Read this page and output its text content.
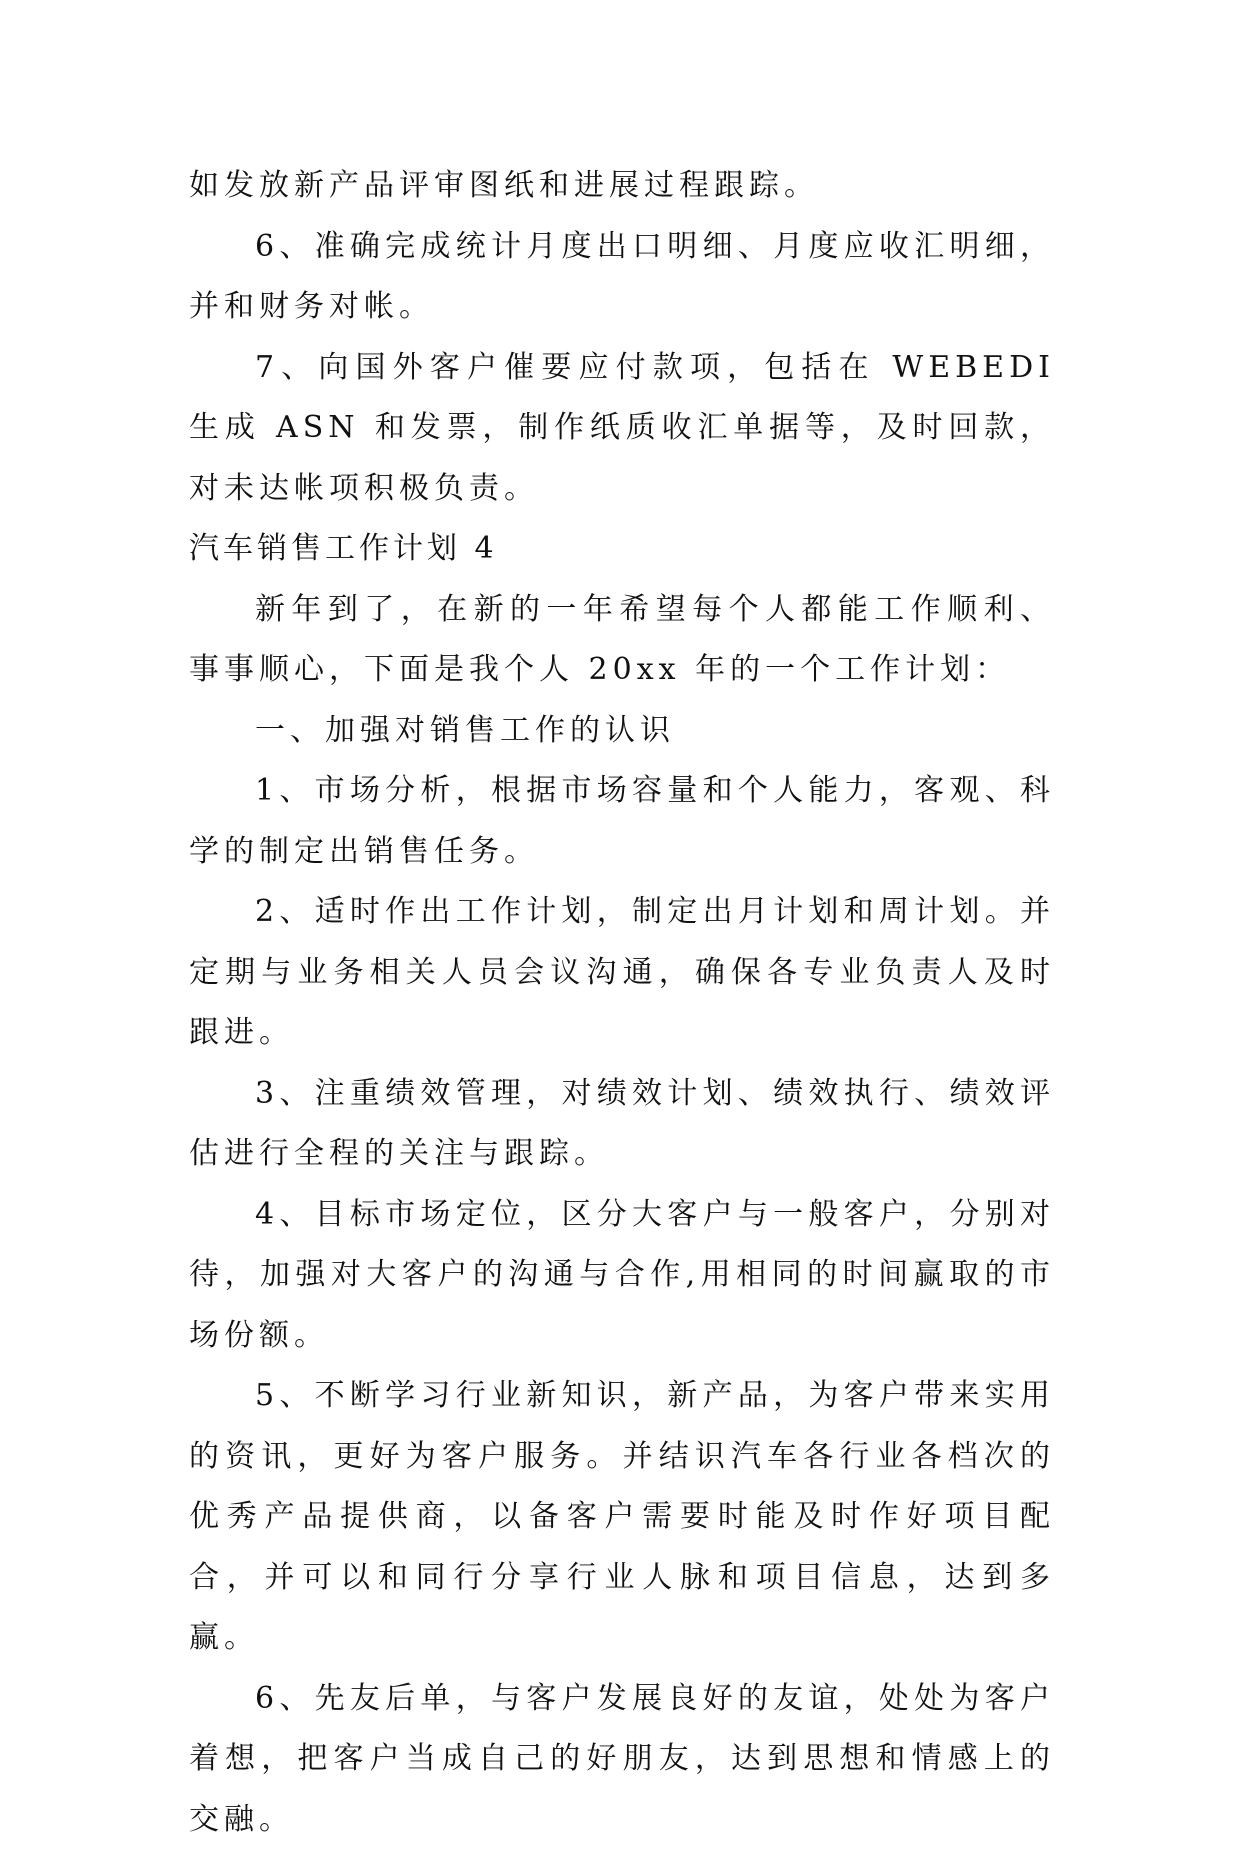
如发放新产品评审图纸和进展过程跟踪。

6、准确完成统计月度出口明细、月度应收汇明细，并和财务对帐。

7、向国外客户催要应付款项，包括在 WEBEDI 生成 ASN 和发票，制作纸质收汇单据等，及时回款，对未达帐项积极负责。

汽车销售工作计划 4

新年到了，在新的一年希望每个人都能工作顺利、事事顺心，下面是我个人 20xx 年的一个工作计划：

一、加强对销售工作的认识

1、市场分析，根据市场容量和个人能力，客观、科学的制定出销售任务。

2、适时作出工作计划，制定出月计划和周计划。并定期与业务相关人员会议沟通，确保各专业负责人及时跟进。

3、注重绩效管理，对绩效计划、绩效执行、绩效评估进行全程的关注与跟踪。

4、目标市场定位，区分大客户与一般客户，分别对待，加强对大客户的沟通与合作,用相同的时间赢取的市场份额。

5、不断学习行业新知识，新产品，为客户带来实用的资讯，更好为客户服务。并结识汽车各行业各档次的优秀产品提供商，以备客户需要时能及时作好项目配合，并可以和同行分享行业人脉和项目信息，达到多赢。

6、先友后单，与客户发展良好的友谊，处处为客户着想，把客户当成自己的好朋友，达到思想和情感上的交融。
